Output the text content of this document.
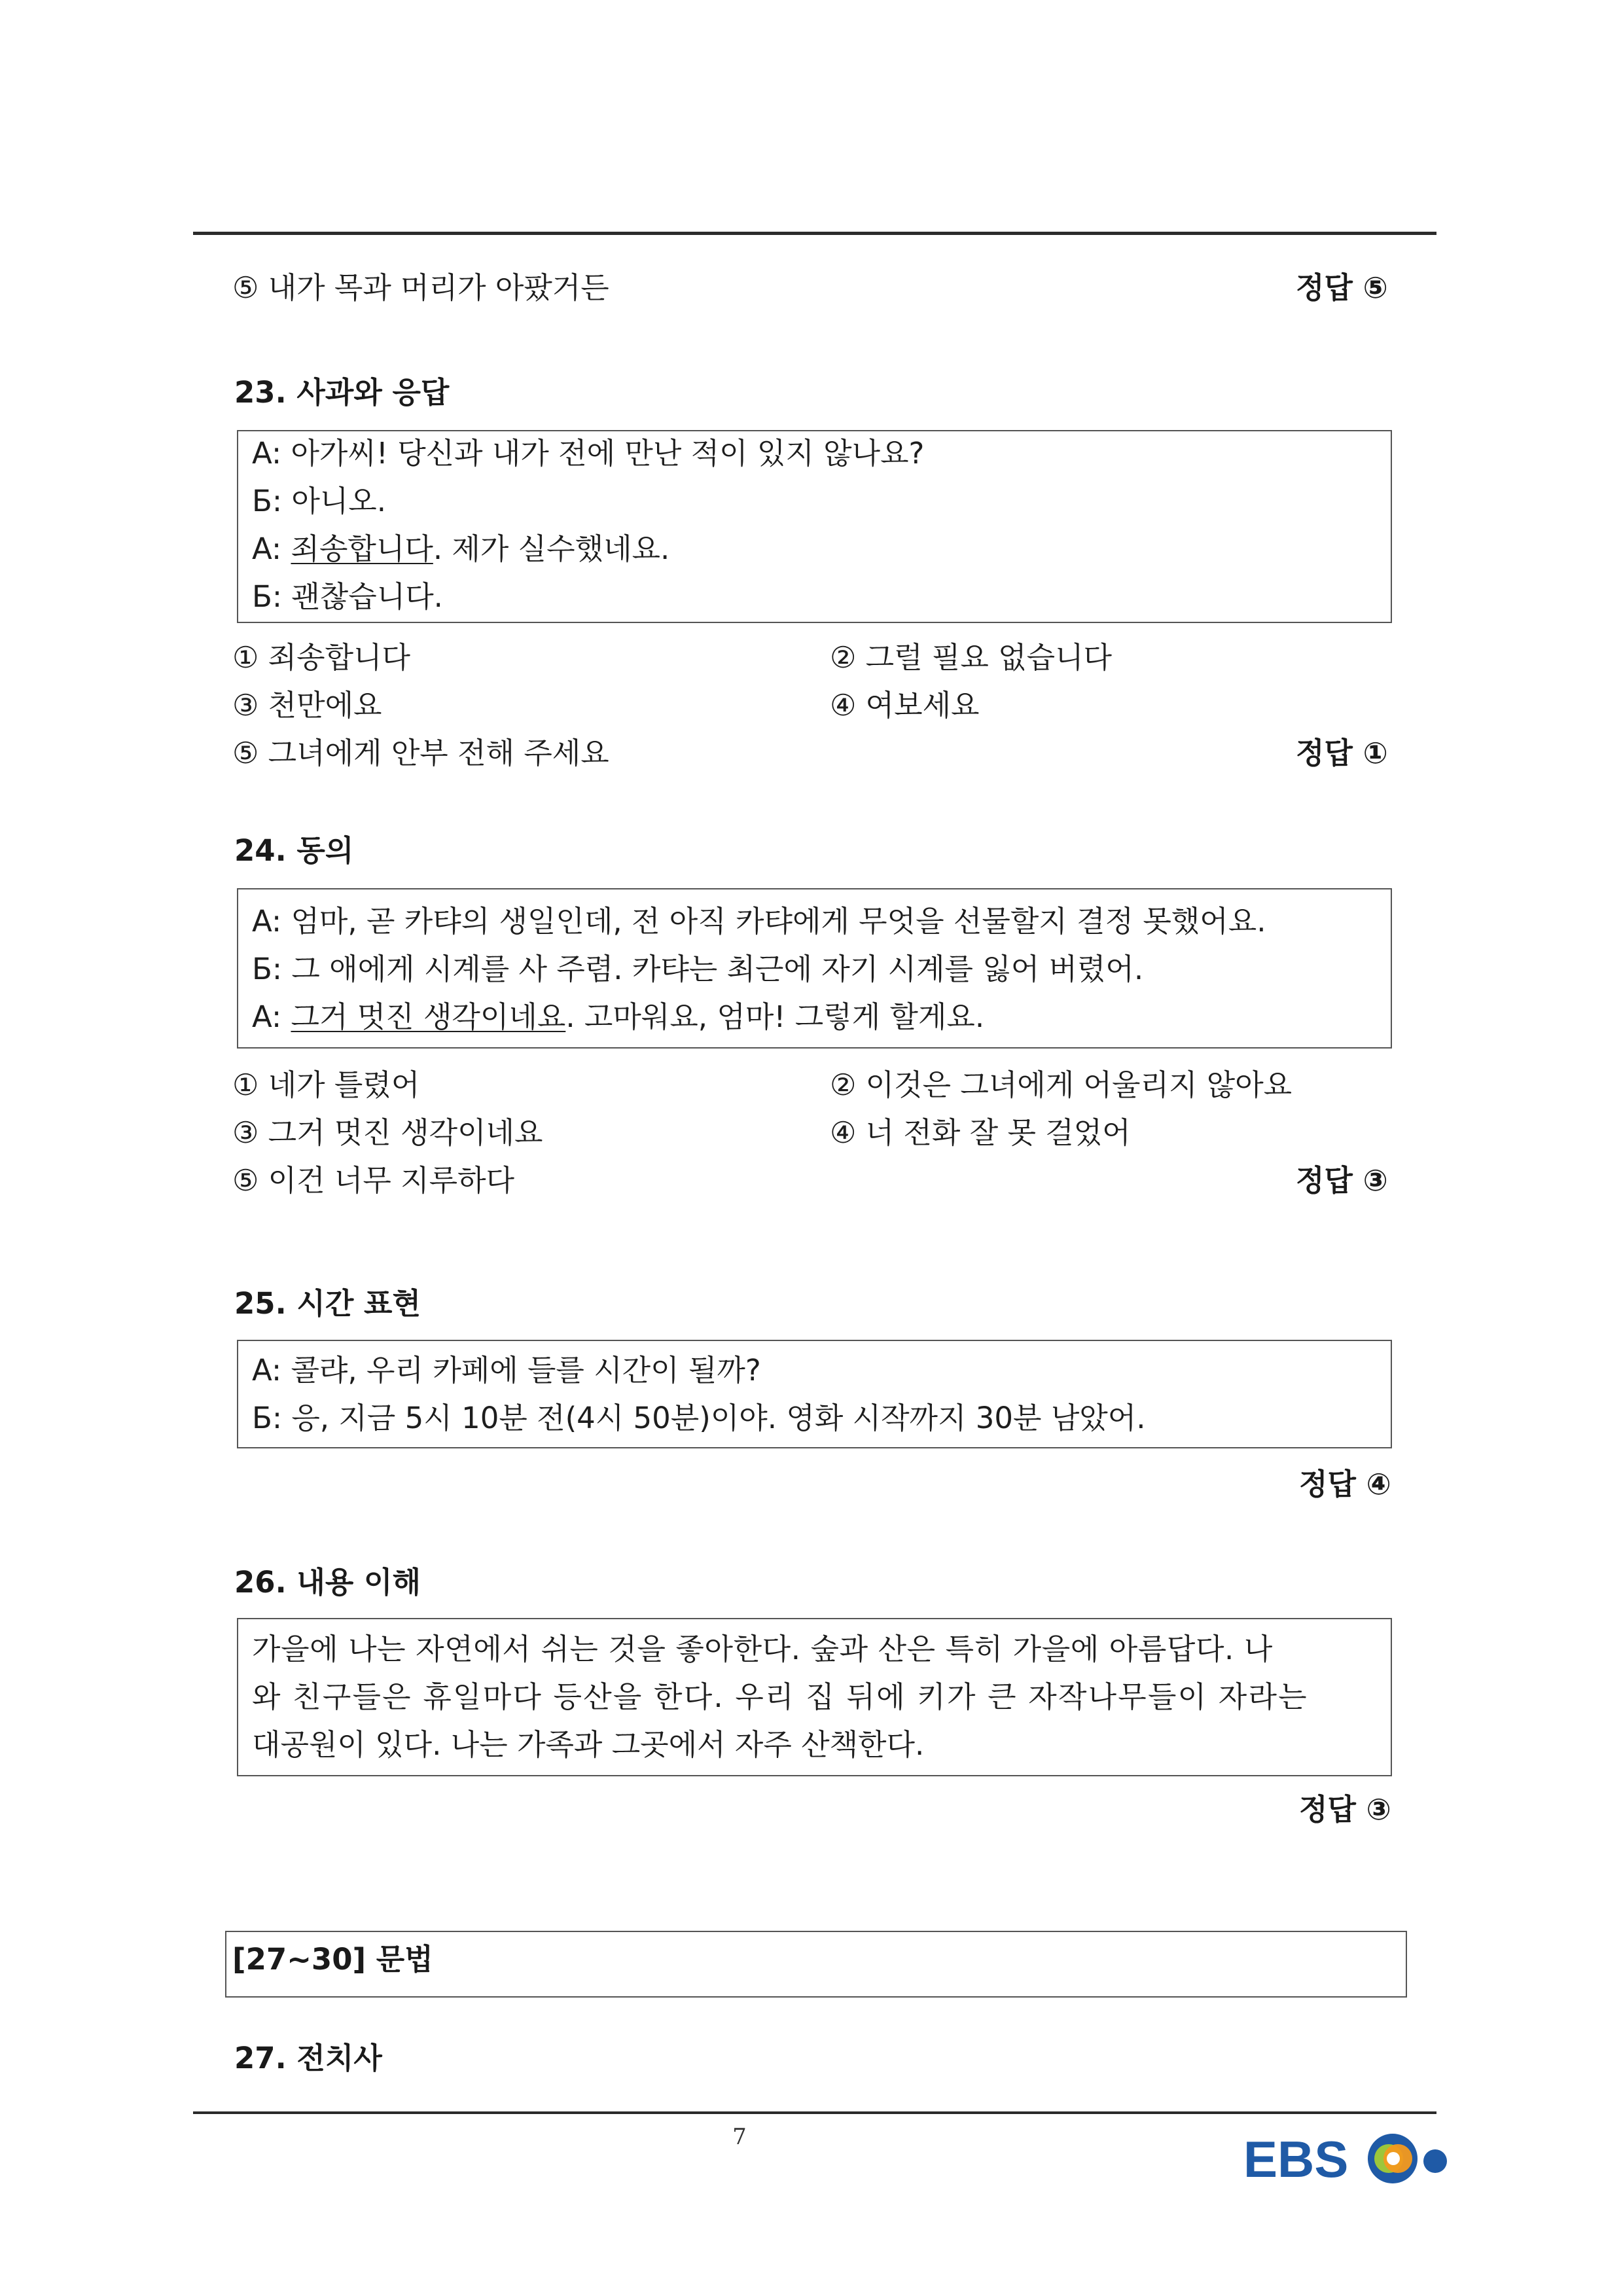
⑤ 내가 목과 머리가 아팠거든	정답 ⑤
23. 사과와 응답
A: 아가씨! 당신과 내가 전에 만난 적이 있지 않나요?
Б: 아니오.
A: 죄송합니다. 제가 실수했네요.
Б: 괜찮습니다.
① 죄송합니다	② 그럴 필요 없습니다
③ 천만에요	④ 여보세요
⑤ 그녀에게 안부 전해 주세요	정답 ①
24. 동의
A: 엄마, 곧 카탸의 생일인데, 전 아직 카탸에게 무엇을 선물할지 결정 못했어요.
Б: 그 애에게 시계를 사 주렴. 카탸는 최근에 자기 시계를 잃어 버렸어.
A: 그거 멋진 생각이네요. 고마워요, 엄마! 그렇게 할게요.
① 네가 틀렸어	② 이것은 그녀에게 어울리지 않아요
③ 그거 멋진 생각이네요	④ 너 전화 잘 못 걸었어
⑤ 이건 너무 지루하다	정답 ③
25. 시간 표현
A: 콜랴, 우리 카페에 들를 시간이 될까?
Б: 응, 지금 5시 10분 전(4시 50분)이야. 영화 시작까지 30분 남았어.
정답 ④
26. 내용 이해
가을에 나는 자연에서 쉬는 것을 좋아한다. 숲과 산은 특히 가을에 아름답다. 나
와 친구들은 휴일마다 등산을 한다. 우리 집 뒤에 키가 큰 자작나무들이 자라는
대공원이 있다. 나는 가족과 그곳에서 자주 산책한다.
정답 ③
[27~30] 문법
27. 전치사
7	EBS
